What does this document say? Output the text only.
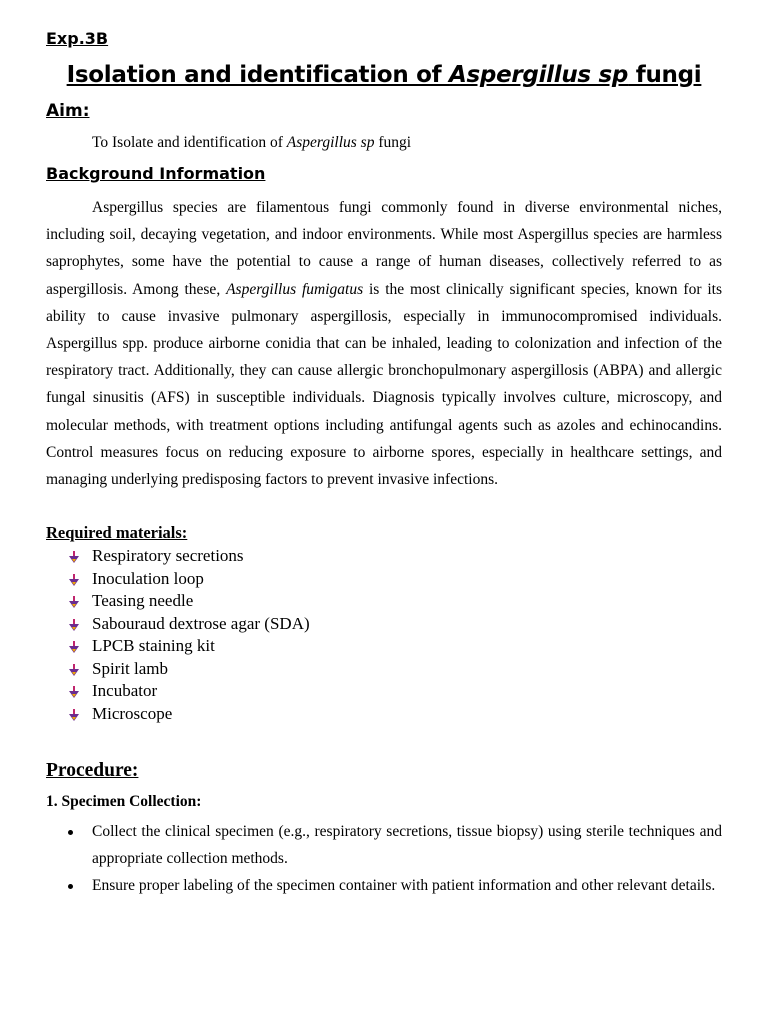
Exp.3B
Isolation and identification of Aspergillus sp fungi
Aim:
To Isolate and identification of Aspergillus sp fungi
Background Information

Aspergillus species are filamentous fungi commonly found in diverse environmental niches, including soil, decaying vegetation, and indoor environments. While most Aspergillus species are harmless saprophytes, some have the potential to cause a range of human diseases, collectively referred to as aspergillosis. Among these, Aspergillus fumigatus is the most clinically significant species, known for its ability to cause invasive pulmonary aspergillosis, especially in immunocompromised individuals. Aspergillus spp. produce airborne conidia that can be inhaled, leading to colonization and infection of the respiratory tract. Additionally, they can cause allergic bronchopulmonary aspergillosis (ABPA) and allergic fungal sinusitis (AFS) in susceptible individuals. Diagnosis typically involves culture, microscopy, and molecular methods, with treatment options including antifungal agents such as azoles and echinocandins. Control measures focus on reducing exposure to airborne spores, especially in healthcare settings, and managing underlying predisposing factors to prevent invasive infections.

Required materials:
Respiratory secretions
Inoculation loop
Teasing needle
Sabouraud dextrose agar (SDA)
LPCB staining kit
Spirit lamb
Incubator
Microscope
Procedure:
1. Specimen Collection:
Collect the clinical specimen (e.g., respiratory secretions, tissue biopsy) using sterile techniques and appropriate collection methods.
Ensure proper labeling of the specimen container with patient information and other relevant details.
